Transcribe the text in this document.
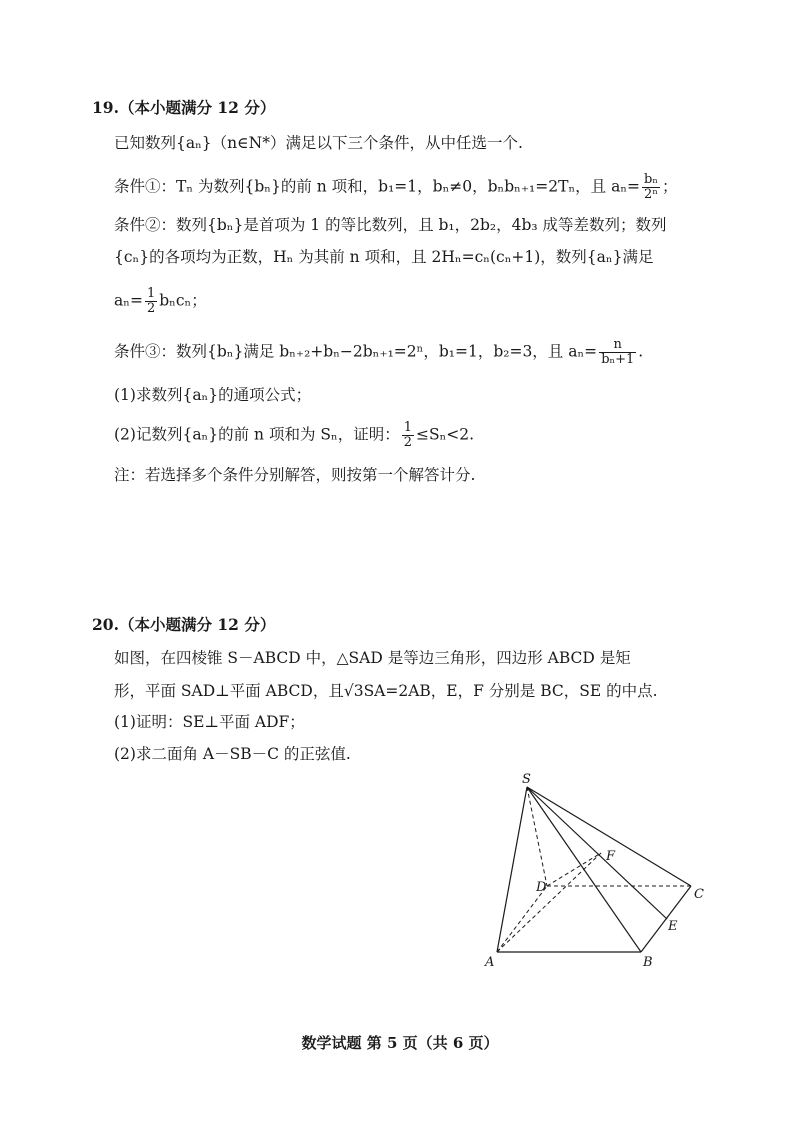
19.（本小题满分 12 分）
已知数列{aₙ}（n∈N*）满足以下三个条件，从中任选一个.
条件①：Tₙ 为数列{bₙ}的前 n 项和，b₁=1，bₙ≠0，bₙbₙ₊₁=2Tₙ，且 $a_n= \frac{\text{bₙ}}{\text{2ⁿ}}$ ；
条件②：数列{bₙ}是首项为 1 的等比数列，且 b₁，2b₂，4b₃ 成等差数列；数列
{cₙ}的各项均为正数，Hₙ 为其前 n 项和，且 2Hₙ=cₙ(cₙ+1)，数列{aₙ}满足
$a_n= \frac{1}{2}$ bₙcₙ；
条件③：数列{bₙ}满足 bₙ₊₂+bₙ−2bₙ₊₁=2ⁿ，b₁=1，b₂=3，且 $a_n= \frac{n}{\text{bₙ+1}}$ .
(1)求数列{aₙ}的通项公式；
(2)记数列{aₙ}的前 n 项和为 Sₙ，证明： $\frac{1}{2} \le S_n<2$.
注：若选择多个条件分别解答，则按第一个解答计分.
20.（本小题满分 12 分）
如图，在四棱锥 S－ABCD 中，△SAD 是等边三角形，四边形 ABCD 是矩
形，平面 SAD⊥平面 ABCD，且√3SA=2AB，E，F 分别是 BC，SE 的中点.
(1)证明：SE⊥平面 ADF；
(2)求二面角 A－SB－C 的正弦值.
S
A	B
C
D
E
F
数学试题 第 5 页（共 6 页）
